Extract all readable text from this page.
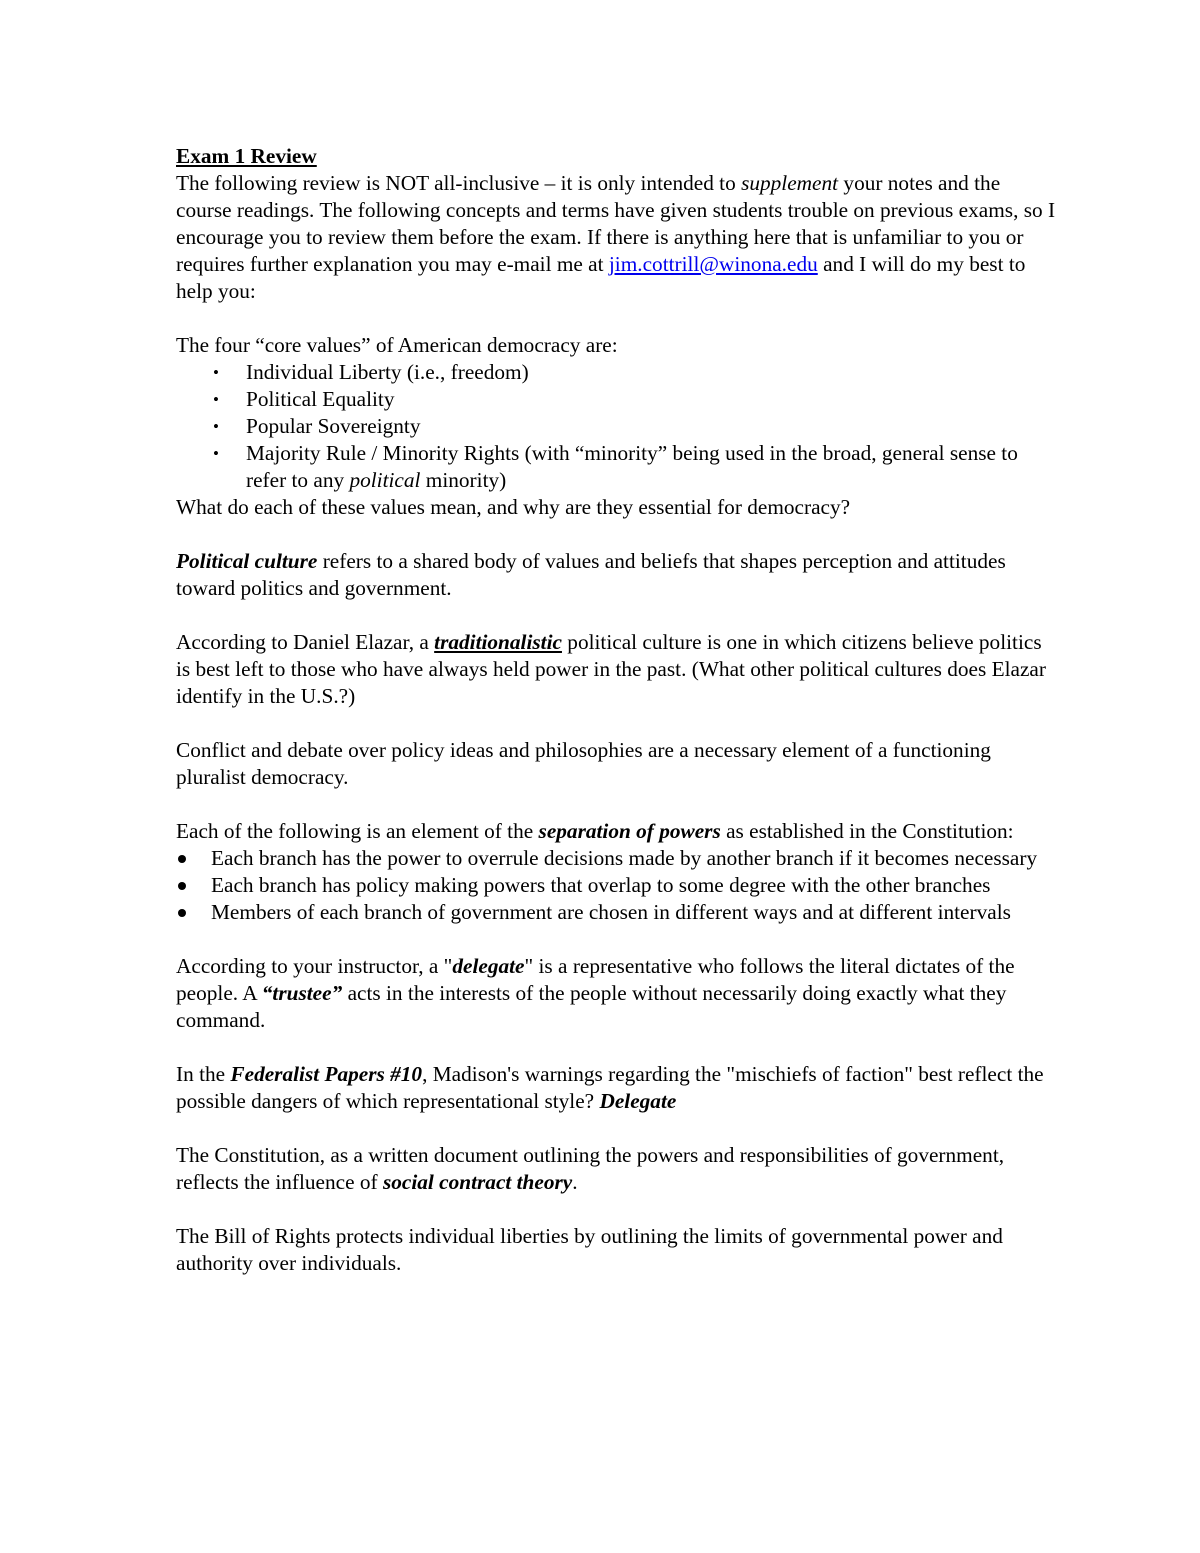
Exam 1 Review

The following review is NOT all-inclusive – it is only intended to supplement your notes and the course readings. The following concepts and terms have given students trouble on previous exams, so I encourage you to review them before the exam. If there is anything here that is unfamiliar to you or requires further explanation you may e-mail me at jim.cottrill@winona.edu and I will do my best to help you:

The four “core values” of American democracy are:

• Individual Liberty (i.e., freedom)
• Political Equality
• Popular Sovereignty
• Majority Rule / Minority Rights (with “minority” being used in the broad, general sense to refer to any political minority)

What do each of these values mean, and why are they essential for democracy?

Political culture refers to a shared body of values and beliefs that shapes perception and attitudes toward politics and government.

According to Daniel Elazar, a traditionalistic political culture is one in which citizens believe politics is best left to those who have always held power in the past. (What other political cultures does Elazar identify in the U.S.?)

Conflict and debate over policy ideas and philosophies are a necessary element of a functioning pluralist democracy.

Each of the following is an element of the separation of powers as established in the Constitution:

Each branch has the power to overrule decisions made by another branch if it becomes necessary
Each branch has policy making powers that overlap to some degree with the other branches
Members of each branch of government are chosen in different ways and at different intervals

According to your instructor, a "delegate" is a representative who follows the literal dictates of the people. A “trustee” acts in the interests of the people without necessarily doing exactly what they command.

In the Federalist Papers #10, Madison's warnings regarding the "mischiefs of faction" best reflect the possible dangers of which representational style? Delegate

The Constitution, as a written document outlining the powers and responsibilities of government, reflects the influence of social contract theory.

The Bill of Rights protects individual liberties by outlining the limits of governmental power and authority over individuals.
